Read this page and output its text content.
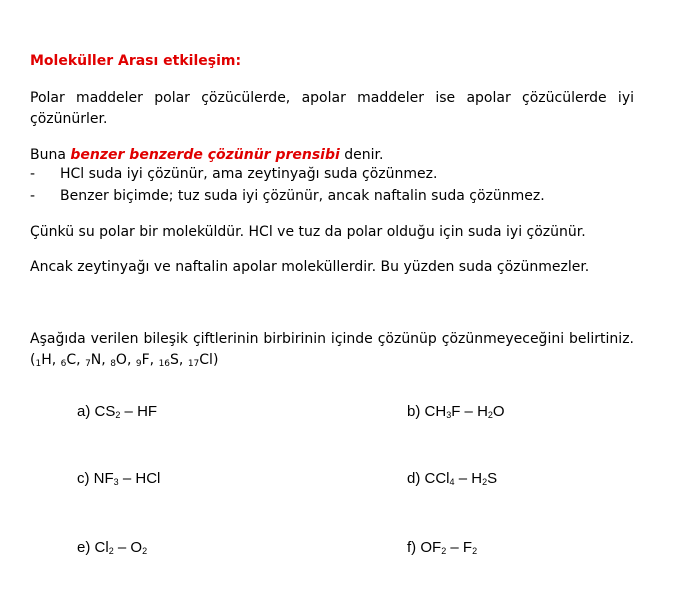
Moleküller Arası etkileşim:
Polar maddeler polar çözücülerde, apolar maddeler ise apolar çözücülerde iyi çözünürler.
Buna benzer benzerde çözünür prensibi denir.
- HCl suda iyi çözünür, ama zeytinyağı suda çözünmez.
- Benzer biçimde; tuz suda iyi çözünür, ancak naftalin suda çözünmez.
Çünkü su polar bir moleküldür. HCl ve tuz da polar olduğu için suda iyi çözünür.
Ancak zeytinyağı ve naftalin apolar moleküllerdir. Bu yüzden suda çözünmezler.
Aşağıda verilen bileşik çiftlerinin birbirinin içinde çözünüp çözünmeyeceğini belirtiniz. ($_1H$, $_6$C, $_7$N, $_8$O, $_9$F, $_{16}$S, $_{17}$Cl)
a) $CS_2$ – HF	b) $CH_3F - H_2O$
c) $NF_3$ – HCl	d) $CCl_4 - H_2S$
e) $Cl_2 - O_2$	f) $OF_2 - F_2$
